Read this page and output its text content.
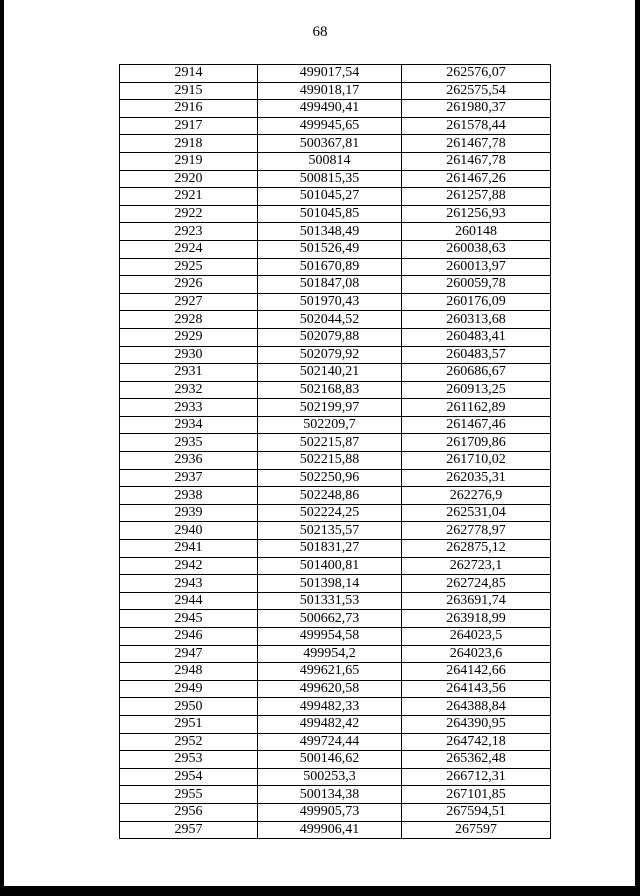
68
2914	499017,54	262576,07
2915	499018,17	262575,54
2916	499490,41	261980,37
2917	499945,65	261578,44
2918	500367,81	261467,78
2919	500814	261467,78
2920	500815,35	261467,26
2921	501045,27	261257,88
2922	501045,85	261256,93
2923	501348,49	260148
2924	501526,49	260038,63
2925	501670,89	260013,97
2926	501847,08	260059,78
2927	501970,43	260176,09
2928	502044,52	260313,68
2929	502079,88	260483,41
2930	502079,92	260483,57
2931	502140,21	260686,67
2932	502168,83	260913,25
2933	502199,97	261162,89
2934	502209,7	261467,46
2935	502215,87	261709,86
2936	502215,88	261710,02
2937	502250,96	262035,31
2938	502248,86	262276,9
2939	502224,25	262531,04
2940	502135,57	262778,97
2941	501831,27	262875,12
2942	501400,81	262723,1
2943	501398,14	262724,85
2944	501331,53	263691,74
2945	500662,73	263918,99
2946	499954,58	264023,5
2947	499954,2	264023,6
2948	499621,65	264142,66
2949	499620,58	264143,56
2950	499482,33	264388,84
2951	499482,42	264390,95
2952	499724,44	264742,18
2953	500146,62	265362,48
2954	500253,3	266712,31
2955	500134,38	267101,85
2956	499905,73	267594,51
2957	499906,41	267597
